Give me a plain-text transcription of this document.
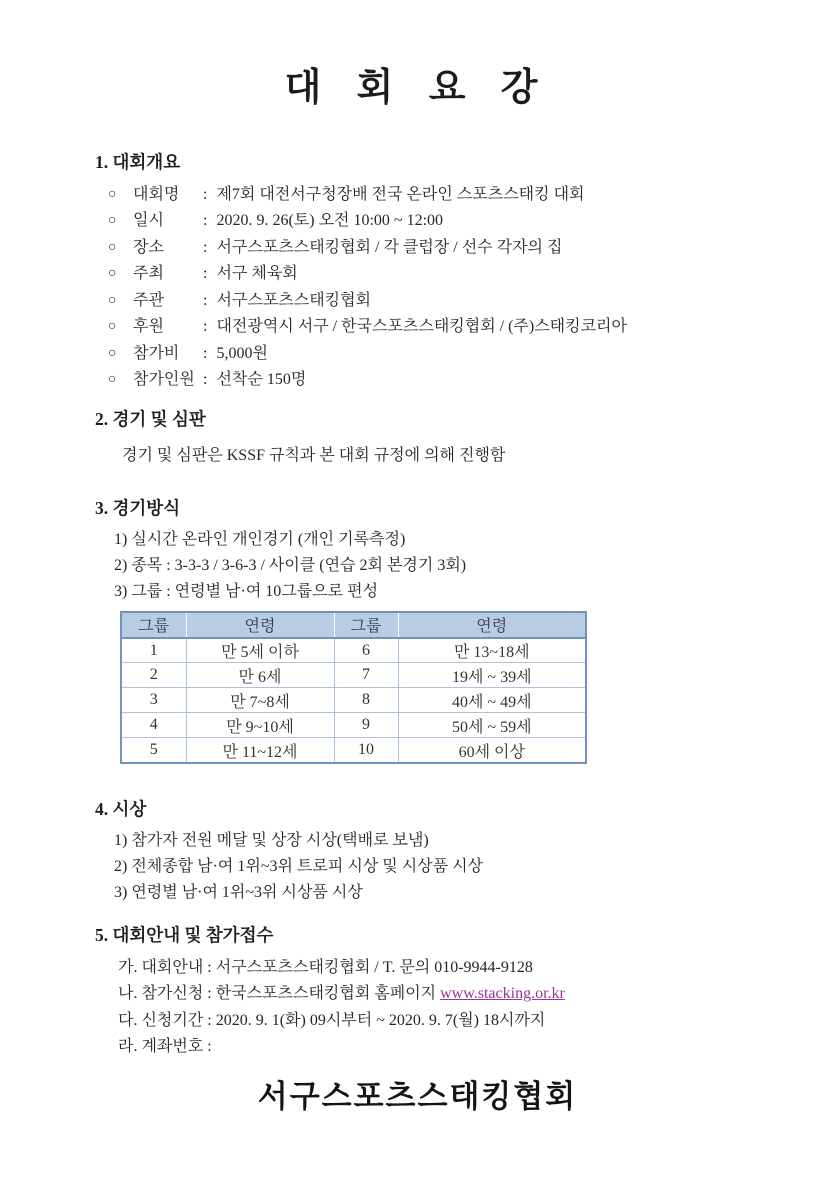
대 회 요 강
1. 대회개요
○	대회명	: 제7회 대전서구청장배 전국 온라인 스포츠스태킹 대회
○	일시	: 2020. 9. 26(토) 오전 10:00 ~ 12:00
○	장소	: 서구스포츠스태킹협회 / 각 클럽장 / 선수 각자의 집
○	주최	: 서구 체육회
○	주관	: 서구스포츠스태킹협회
○	후원	: 대전광역시 서구 / 한국스포츠스태킹협회 / (주)스태킹코리아
○	참가비	: 5,000원
○	참가인원 : 선착순 150명
2. 경기 및 심판
경기 및 심판은 KSSF 규칙과 본 대회 규정에 의해 진행함
3. 경기방식
1) 실시간 온라인 개인경기 (개인 기록측정)
2) 종목 : 3-3-3 / 3-6-3 / 사이클 (연습 2회 본경기 3회)
3) 그룹 : 연령별 남·여 10그룹으로 편성
그룹	연령	그룹	연령
1	만 5세 이하	6	만 13~18세
2	만 6세	7	19세 ~ 39세
3	만 7~8세	8	40세 ~ 49세
4	만 9~10세	9	50세 ~ 59세
5	만 11~12세	10	60세 이상
4. 시상
1) 참가자 전원 메달 및 상장 시상(택배로 보냄)
2) 전체종합 남·여 1위~3위 트로피 시상 및 시상품 시상
3) 연령별 남·여 1위~3위 시상품 시상
5. 대회안내 및 참가접수
가. 대회안내 : 서구스포츠스태킹협회 / T. 문의 010-9944-9128
나. 참가신청 : 한국스포츠스태킹협회 홈페이지 www.stacking.or.kr
다. 신청기간 : 2020. 9. 1(화) 09시부터 ~ 2020. 9. 7(월) 18시까지
라. 계좌번호 :
서구스포츠스태킹협회
